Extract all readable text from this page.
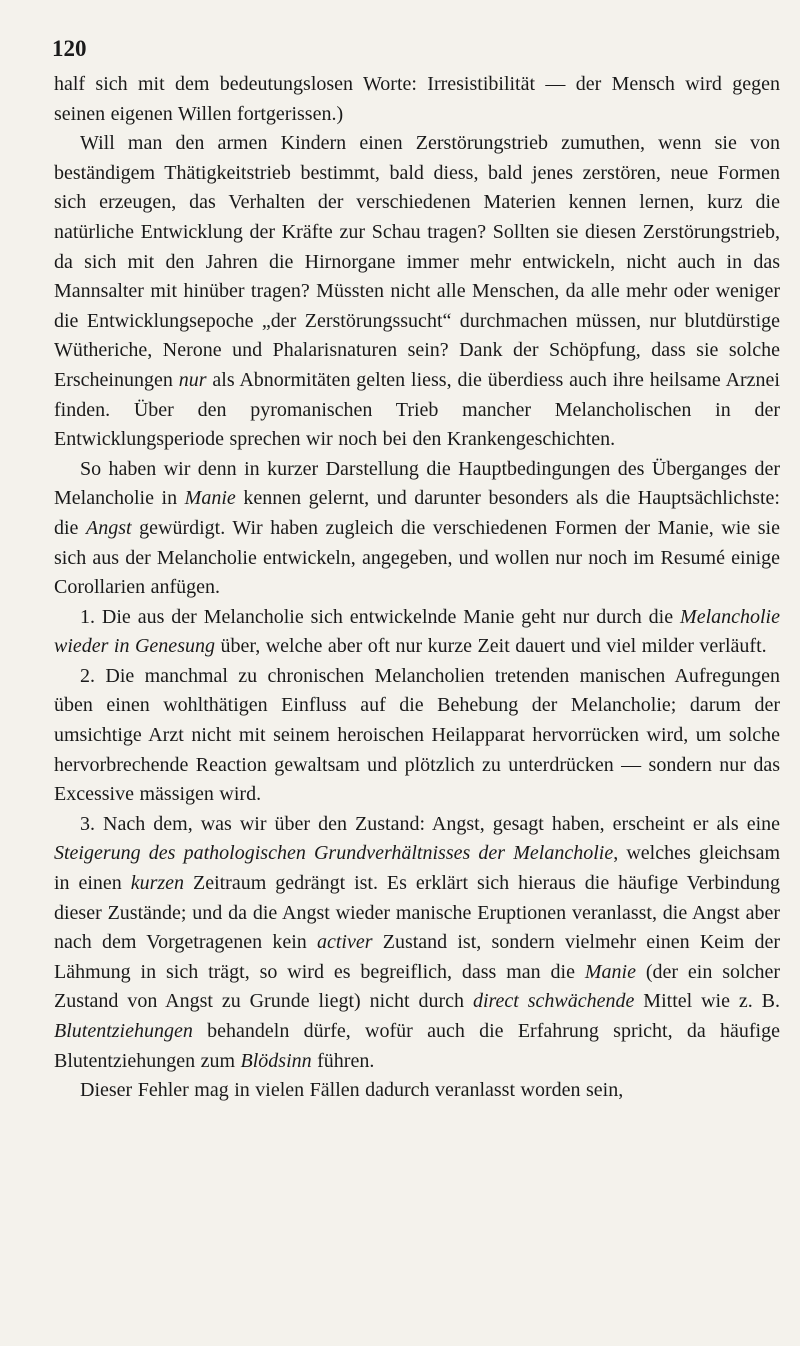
120

half sich mit dem bedeutungslosen Worte: Irresistibilität — der Mensch wird gegen seinen eigenen Willen fortgerissen.)

Will man den armen Kindern einen Zerstörungstrieb zumuthen, wenn sie von beständigem Thätigkeitstrieb bestimmt, bald diess, bald jenes zerstören, neue Formen sich erzeugen, das Verhalten der verschiedenen Materien kennen lernen, kurz die natürliche Entwicklung der Kräfte zur Schau tragen? Sollten sie diesen Zerstörungstrieb, da sich mit den Jahren die Hirnorgane immer mehr entwickeln, nicht auch in das Mannsalter mit hinüber tragen? Müssten nicht alle Menschen, da alle mehr oder weniger die Entwicklungsepoche „der Zerstörungssucht“ durchmachen müssen, nur blutdürstige Wütheriche, Nerone und Phalarisnaturen sein? Dank der Schöpfung, dass sie solche Erscheinungen nur als Abnormitäten gelten liess, die überdiess auch ihre heilsame Arznei finden. Über den pyromanischen Trieb mancher Melancholischen in der Entwicklungsperiode sprechen wir noch bei den Krankengeschichten.

So haben wir denn in kurzer Darstellung die Hauptbedingungen des Überganges der Melancholie in Manie kennen gelernt, und darunter besonders als die Hauptsächlichste: die Angst gewürdigt. Wir haben zugleich die verschiedenen Formen der Manie, wie sie sich aus der Melancholie entwickeln, angegeben, und wollen nur noch im Resumé einige Corollarien anfügen.

1. Die aus der Melancholie sich entwickelnde Manie geht nur durch die Melancholie wieder in Genesung über, welche aber oft nur kurze Zeit dauert und viel milder verläuft.

2. Die manchmal zu chronischen Melancholien tretenden manischen Aufregungen üben einen wohlthätigen Einfluss auf die Behebung der Melancholie; darum der umsichtige Arzt nicht mit seinem heroischen Heilapparat hervorrücken wird, um solche hervorbrechende Reaction gewaltsam und plötzlich zu unterdrücken — sondern nur das Excessive mässigen wird.

3. Nach dem, was wir über den Zustand: Angst, gesagt haben, erscheint er als eine Steigerung des pathologischen Grundverhältnisses der Melancholie, welches gleichsam in einen kurzen Zeitraum gedrängt ist. Es erklärt sich hieraus die häufige Verbindung dieser Zustände; und da die Angst wieder manische Eruptionen veranlasst, die Angst aber nach dem Vorgetragenen kein activer Zustand ist, sondern vielmehr einen Keim der Lähmung in sich trägt, so wird es begreiflich, dass man die Manie (der ein solcher Zustand von Angst zu Grunde liegt) nicht durch direct schwächende Mittel wie z. B. Blutentziehungen behandeln dürfe, wofür auch die Erfahrung spricht, da häufige Blutentziehungen zum Blödsinn führen.

Dieser Fehler mag in vielen Fällen dadurch veranlasst worden sein,
